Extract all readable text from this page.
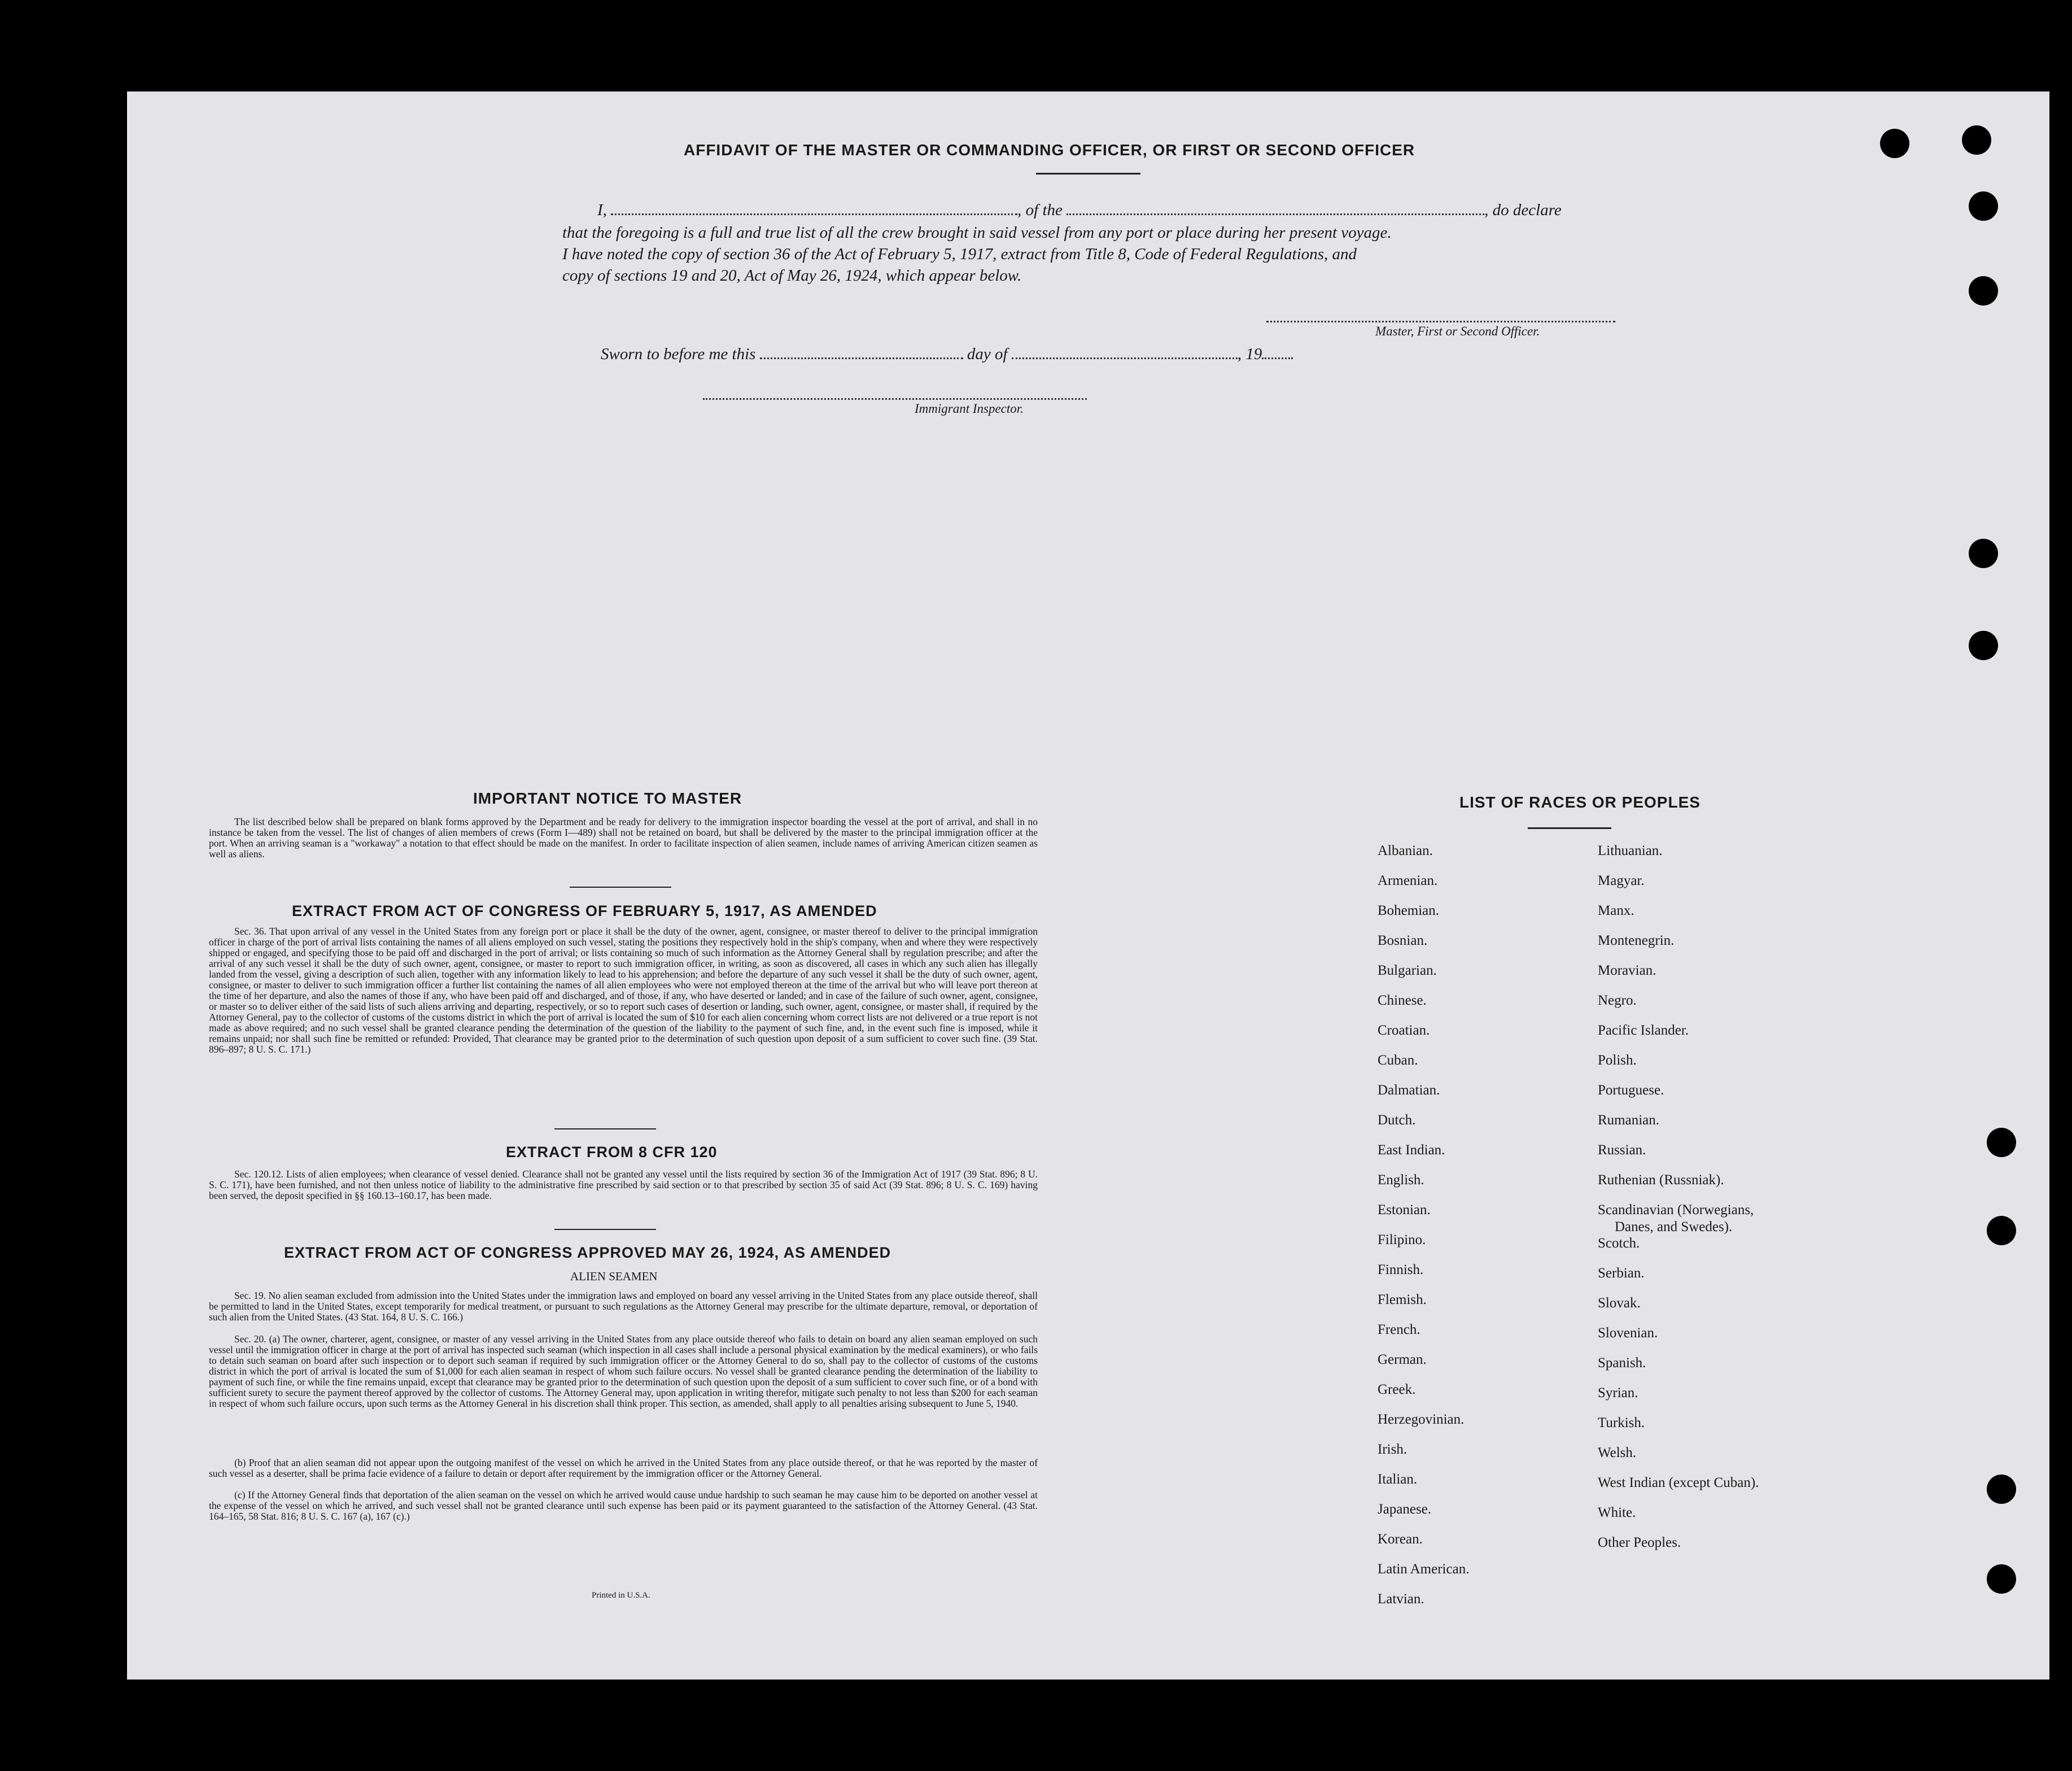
AFFIDAVIT OF THE MASTER OR COMMANDING OFFICER, OR FIRST OR SECOND OFFICER
I,	, of the	, do declare
that the foregoing is a full and true list of all the crew brought in said vessel from any port or place during her present voyage.
I have noted the copy of section 36 of the Act of February 5, 1917, extract from Title 8, Code of Federal Regulations, and
copy of sections 19 and 20, Act of May 26, 1924, which appear below.
Master, First or Second Officer.
Sworn to before me this	day of	, 19
Immigrant Inspector.
IMPORTANT NOTICE TO MASTER
The list described below shall be prepared on blank forms approved by the Department and be ready for delivery to the immigration inspector boarding the vessel at the port of arrival, and shall in no instance be taken from the vessel. The list of changes of alien members of crews (Form I—489) shall not be retained on board, but shall be delivered by the master to the principal immigration officer at the port. When an arriving seaman is a "workaway" a notation to that effect should be made on the manifest. In order to facilitate inspection of alien seamen, include names of arriving American citizen seamen as well as aliens.
EXTRACT FROM ACT OF CONGRESS OF FEBRUARY 5, 1917, AS AMENDED
Sec. 36. That upon arrival of any vessel in the United States from any foreign port or place it shall be the duty of the owner, agent, consignee, or master thereof to deliver to the principal immigration officer in charge of the port of arrival lists containing the names of all aliens employed on such vessel, stating the positions they respectively hold in the ship's company, when and where they were respectively shipped or engaged, and specifying those to be paid off and discharged in the port of arrival; or lists containing so much of such information as the Attorney General shall by regulation prescribe; and after the arrival of any such vessel it shall be the duty of such owner, agent, consignee, or master to report to such immigration officer, in writing, as soon as discovered, all cases in which any such alien has illegally landed from the vessel, giving a description of such alien, together with any information likely to lead to his apprehension; and before the departure of any such vessel it shall be the duty of such owner, agent, consignee, or master to deliver to such immigration officer a further list containing the names of all alien employees who were not employed thereon at the time of the arrival but who will leave port thereon at the time of her departure, and also the names of those if any, who have been paid off and discharged, and of those, if any, who have deserted or landed; and in case of the failure of such owner, agent, consignee, or master so to deliver either of the said lists of such aliens arriving and departing, respectively, or so to report such cases of desertion or landing, such owner, agent, consignee, or master shall, if required by the Attorney General, pay to the collector of customs of the customs district in which the port of arrival is located the sum of $10 for each alien concerning whom correct lists are not delivered or a true report is not made as above required; and no such vessel shall be granted clearance pending the determination of the question of the liability to the payment of such fine, and, in the event such fine is imposed, while it remains unpaid; nor shall such fine be remitted or refunded: Provided, That clearance may be granted prior to the determination of such question upon deposit of a sum sufficient to cover such fine. (39 Stat. 896–897; 8 U. S. C. 171.)
EXTRACT FROM 8 CFR 120
Sec. 120.12. Lists of alien employees; when clearance of vessel denied. Clearance shall not be granted any vessel until the lists required by section 36 of the Immigration Act of 1917 (39 Stat. 896; 8 U. S. C. 171), have been furnished, and not then unless notice of liability to the administrative fine prescribed by said section or to that prescribed by section 35 of said Act (39 Stat. 896; 8 U. S. C. 169) having been served, the deposit specified in §§ 160.13–160.17, has been made.
EXTRACT FROM ACT OF CONGRESS APPROVED MAY 26, 1924, AS AMENDED
ALIEN SEAMEN
Sec. 19. No alien seaman excluded from admission into the United States under the immigration laws and employed on board any vessel arriving in the United States from any place outside thereof, shall be permitted to land in the United States, except temporarily for medical treatment, or pursuant to such regulations as the Attorney General may prescribe for the ultimate departure, removal, or deportation of such alien from the United States. (43 Stat. 164, 8 U. S. C. 166.)
Sec. 20. (a) The owner, charterer, agent, consignee, or master of any vessel arriving in the United States from any place outside thereof who fails to detain on board any alien seaman employed on such vessel until the immigration officer in charge at the port of arrival has inspected such seaman (which inspection in all cases shall include a personal physical examination by the medical examiners), or who fails to detain such seaman on board after such inspection or to deport such seaman if required by such immigration officer or the Attorney General to do so, shall pay to the collector of customs of the customs district in which the port of arrival is located the sum of $1,000 for each alien seaman in respect of whom such failure occurs. No vessel shall be granted clearance pending the determination of the liability to payment of such fine, or while the fine remains unpaid, except that clearance may be granted prior to the determination of such question upon the deposit of a sum sufficient to cover such fine, or of a bond with sufficient surety to secure the payment thereof approved by the collector of customs. The Attorney General may, upon application in writing therefor, mitigate such penalty to not less than $200 for each seaman in respect of whom such failure occurs, upon such terms as the Attorney General in his discretion shall think proper. This section, as amended, shall apply to all penalties arising subsequent to June 5, 1940.
(b) Proof that an alien seaman did not appear upon the outgoing manifest of the vessel on which he arrived in the United States from any place outside thereof, or that he was reported by the master of such vessel as a deserter, shall be prima facie evidence of a failure to detain or deport after requirement by the immigration officer or the Attorney General.
(c) If the Attorney General finds that deportation of the alien seaman on the vessel on which he arrived would cause undue hardship to such seaman he may cause him to be deported on another vessel at the expense of the vessel on which he arrived, and such vessel shall not be granted clearance until such expense has been paid or its payment guaranteed to the satisfaction of the Attorney General. (43 Stat. 164–165, 58 Stat. 816; 8 U. S. C. 167 (a), 167 (c).)
Printed in U.S.A.
LIST OF RACES OR PEOPLES
Albanian.
Armenian.
Bohemian.
Bosnian.
Bulgarian.
Chinese.
Croatian.
Cuban.
Dalmatian.
Dutch.
East Indian.
English.
Estonian.
Filipino.
Finnish.
Flemish.
French.
German.
Greek.
Herzegovinian.
Irish.
Italian.
Japanese.
Korean.
Latin American.
Latvian.
Lithuanian.
Magyar.
Manx.
Montenegrin.
Moravian.
Negro.
Pacific Islander.
Polish.
Portuguese.
Rumanian.
Russian.
Ruthenian (Russniak).
Scandinavian (Norwegians,
Danes, and Swedes).
Scotch.
Serbian.
Slovak.
Slovenian.
Spanish.
Syrian.
Turkish.
Welsh.
West Indian (except Cuban).
White.
Other Peoples.
